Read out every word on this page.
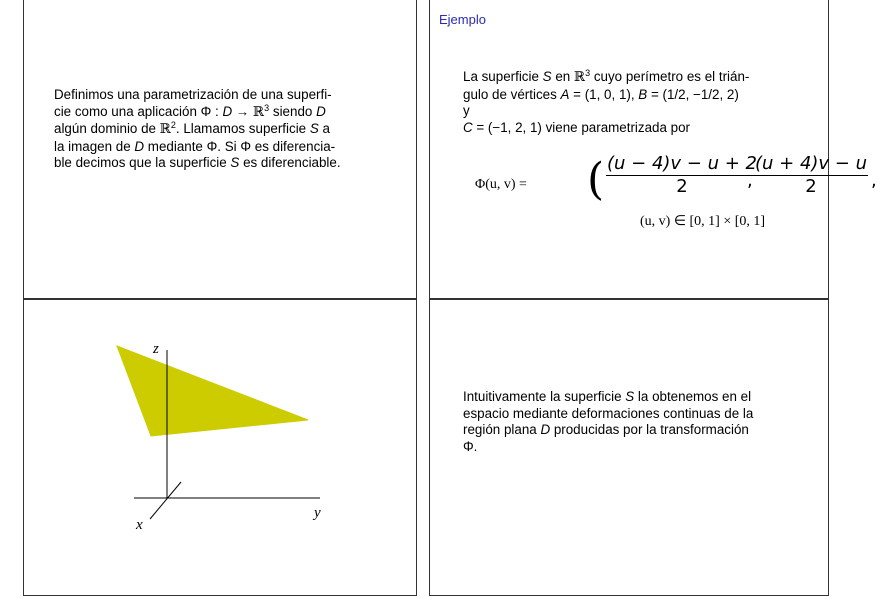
Definimos una parametrización de una superfi-
cie como una aplicación Φ : D → ℝ$^3$ siendo D
algún dominio de ℝ$^2$. Llamamos superficie S a
la imagen de D mediante Φ. Si Φ es diferencia-
ble decimos que la superficie S es diferenciable.
Ejemplo
La superficie S en ℝ$^3$ cuyo perímetro es el trián-
gulo de vértices A = (1, 0, 1), B = (1/2, −1/2, 2)
y
C = (−1, 2, 1) viene parametrizada por
Φ(u, v) = ( $\frac{(u - 4)v - u + 2}{2}$
, $\frac{(u + 4)v - u}{2}$ ,
(u, v) ∈ [0, 1] × [0, 1]
z
y
x
Intuitivamente la superficie S la obtenemos en el
espacio mediante deformaciones continuas de la
región plana D producidas por la transformación
Φ.
